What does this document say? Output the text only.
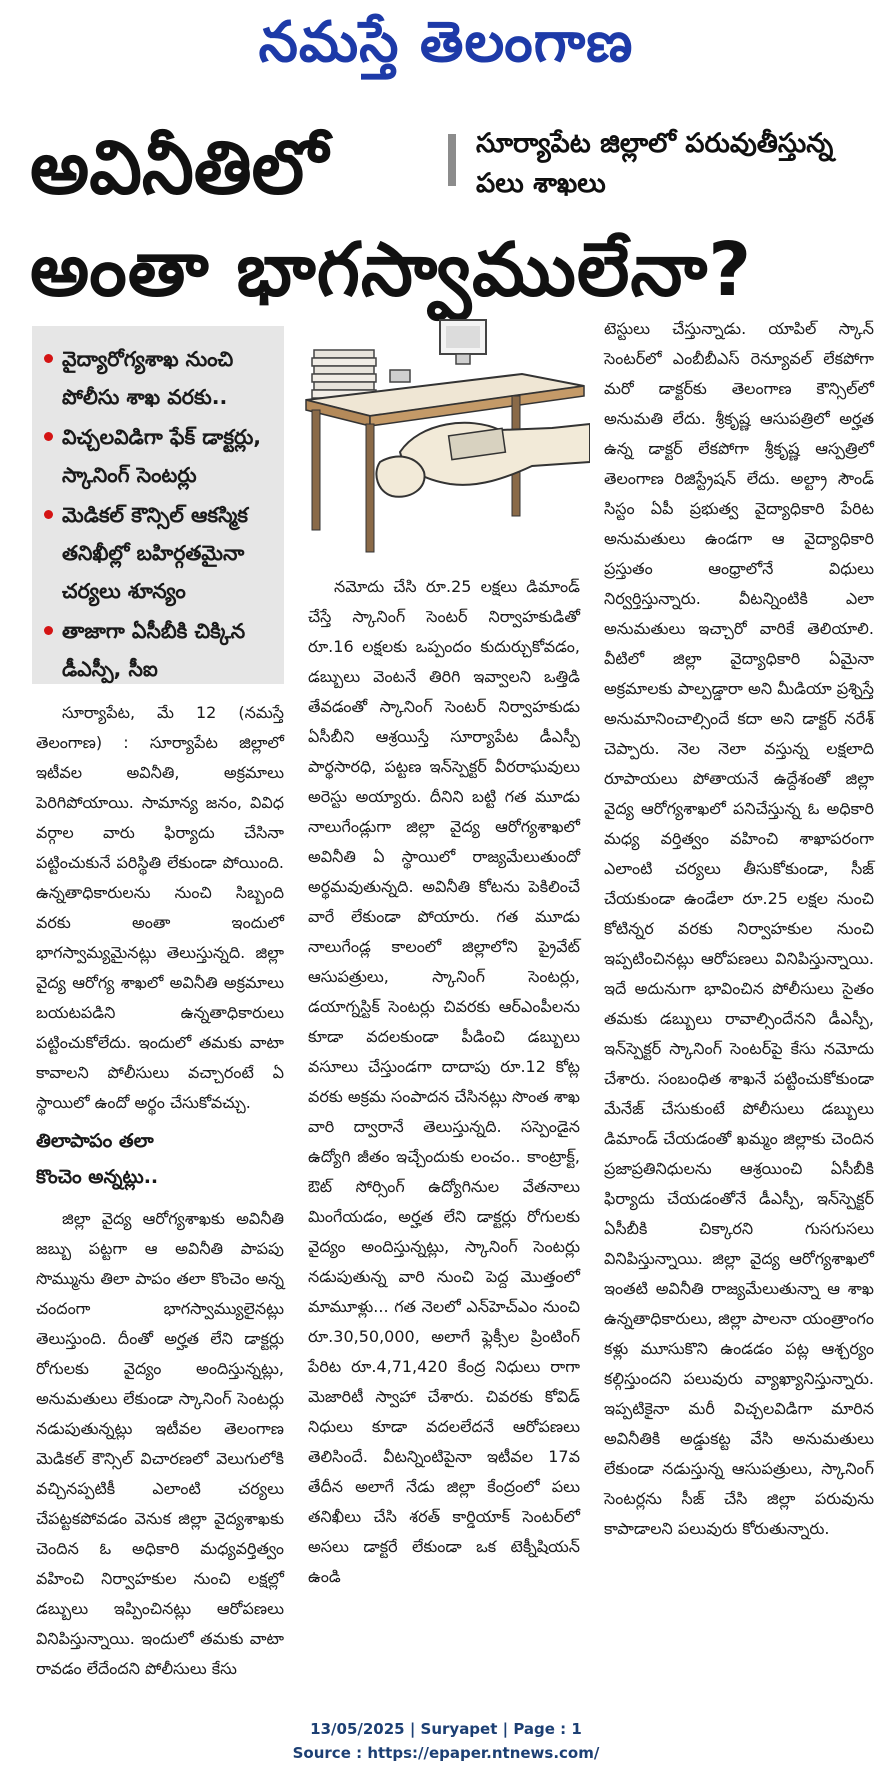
నమస్తే తెలంగాణ
అవినీతిలో
అంతా భాగస్వాములేనా?
సూర్యాపేట జిల్లాలో పరువుతీస్తున్న పలు శాఖలు
వైద్యారోగ్యశాఖ నుంచి పోలీసు శాఖ వరకు..
విచ్చలవిడిగా ఫేక్ డాక్టర్లు, స్కానింగ్ సెంటర్లు
మెడికల్ కౌన్సిల్ ఆకస్మిక తనిఖీల్లో బహిర్గతమైనా చర్యలు శూన్యం
తాజాగా ఏసీబీకి చిక్కిన డీఎస్పీ, సీఐ

సూర్యాపేట, మే 12 (నమస్తే తెలంగాణ) : సూర్యాపేట జిల్లాలో ఇటీవల అవినీతి, అక్రమాలు పెరిగిపోయాయి. సామాన్య జనం, వివిధ వర్గాల వారు ఫిర్యాదు చేసినా పట్టించుకునే పరిస్థితి లేకుండా పోయింది. ఉన్నతాధికారులను నుంచి సిబ్బంది వరకు అంతా ఇందులో భాగస్వామ్యమైనట్లు తెలుస్తున్నది. జిల్లా వైద్య ఆరోగ్య శాఖలో అవినీతి అక్రమాలు బయటపడిని ఉన్నతాధికారులు పట్టించుకోలేదు. ఇందులో తమకు వాటా కావాలని పోలీసులు వచ్చారంటే ఏ స్థాయిలో ఉందో అర్థం చేసుకోవచ్చు.

తిలాపాపం తలా
కొంచెం అన్నట్లు..

జిల్లా వైద్య ఆరోగ్యశాఖకు అవినీతి జబ్బు పట్టగా ఆ అవినీతి పాపపు సొమ్మును తిలా పాపం తలా కొంచెం అన్న చందంగా భాగస్వామ్యులైనట్లు తెలుస్తుంది. దీంతో అర్హత లేని డాక్టర్లు రోగులకు వైద్యం అందిస్తున్నట్లు, అనుమతులు లేకుండా స్కానింగ్ సెంటర్లు నడుపుతున్నట్లు ఇటీవల తెలంగాణ మెడికల్ కౌన్సిల్ విచారణలో వెలుగులోకి వచ్చినప్పటికీ ఎలాంటి చర్యలు చేపట్టకపోవడం వెనుక జిల్లా వైద్యశాఖకు చెందిన ఓ అధికారి మధ్యవర్తిత్వం వహించి నిర్వాహకుల నుంచి లక్షల్లో డబ్బులు ఇప్పించినట్లు ఆరోపణలు వినిపిస్తున్నాయి. ఇందులో తమకు వాటా రావడం లేదేందని పోలీసులు కేసు

నమోదు చేసి రూ.25 లక్షలు డిమాండ్ చేస్తే స్కానింగ్ సెంటర్ నిర్వాహకుడితో రూ.16 లక్షలకు ఒప్పందం కుదుర్చుకోవడం, డబ్బులు వెంటనే తిరిగి ఇవ్వాలని ఒత్తిడి తేవడంతో స్కానింగ్ సెంటర్ నిర్వాహకుడు ఏసీబీని ఆశ్రయిస్తే సూర్యాపేట డీఎస్పీ పార్థసారధి, పట్టణ ఇన్‌స్పెక్టర్ వీరరాఘవులు అరెస్టు అయ్యారు. దీనిని బట్టి గత మూడు నాలుగేండ్లుగా జిల్లా వైద్య ఆరోగ్యశాఖలో అవినీతి ఏ స్థాయిలో రాజ్యమేలుతుందో అర్థమవుతున్నది. అవినీతి కోటను పెకిలించే వారే లేకుండా పోయారు. గత మూడు నాలుగేండ్ల కాలంలో జిల్లాలోని ప్రైవేట్ ఆసుపత్రులు, స్కానింగ్ సెంటర్లు, డయాగ్నస్టిక్ సెంటర్లు చివరకు ఆర్‌ఎంపీలను కూడా వదలకుండా పీడించి డబ్బులు వసూలు చేస్తుండగా దాదాపు రూ.12 కోట్ల వరకు అక్రమ సంపాదన చేసినట్లు సొంత శాఖ వారి ద్వారానే తెలుస్తున్నది. సస్పెండైన ఉద్యోగి జీతం ఇచ్చేందుకు లంచం.. కాంట్రాక్ట్, ఔట్ సోర్సింగ్ ఉద్యోగినుల వేతనాలు మింగేయడం, అర్హత లేని డాక్టర్లు రోగులకు వైద్యం అందిస్తున్నట్లు, స్కానింగ్ సెంటర్లు నడుపుతున్న వారి నుంచి పెద్ద మొత్తంలో మామూళ్లు... గత నెలలో ఎన్‌హెచ్‌ఎం నుంచి రూ.30,50,000, అలాగే ఫ్లెక్సీల ప్రింటింగ్ పేరిట రూ.4,71,420 కేంద్ర నిధులు రాగా మెజారిటీ స్వాహా చేశారు. చివరకు కోవిడ్ నిధులు కూడా వదలలేదనే ఆరోపణలు తెలిసిందే. వీటన్నింటిపైనా ఇటీవల 17వ తేదీన అలాగే నేడు జిల్లా కేంద్రంలో పలు తనిఖీలు చేసి శరత్ కార్డియాక్ సెంటర్‌లో అసలు డాక్టరే లేకుండా ఒక టెక్నీషియన్ ఉండి

టెస్టులు చేస్తున్నాడు. యాపిల్ స్కాన్ సెంటర్‌లో ఎంబీబీఎస్ రెన్యూవల్ లేకపోగా మరో డాక్టర్‌కు తెలంగాణ కౌన్సిల్‌లో అనుమతి లేదు. శ్రీకృష్ణ ఆసుపత్రిలో అర్హత ఉన్న డాక్టర్ లేకపోగా శ్రీకృష్ణ ఆస్పత్రిలో తెలంగాణ రిజిస్ట్రేషన్ లేదు. అల్ట్రా సౌండ్ సిస్టం ఏపీ ప్రభుత్వ వైద్యాధికారి పేరిట అనుమతులు ఉండగా ఆ వైద్యాధికారి ప్రస్తుతం ఆంధ్రాలోనే విధులు నిర్వర్తిస్తున్నారు. వీటన్నింటికి ఎలా అనుమతులు ఇచ్చారో వారికే తెలియాలి. వీటిలో జిల్లా వైద్యాధికారి ఏమైనా అక్రమాలకు పాల్పడ్డారా అని మీడియా ప్రశ్నిస్తే అనుమానించాల్సిందే కదా అని డాక్టర్ నరేశ్ చెప్పారు. నెల నెలా వస్తున్న లక్షలాది రూపాయలు పోతాయనే ఉద్దేశంతో జిల్లా వైద్య ఆరోగ్యశాఖలో పనిచేస్తున్న ఓ అధికారి మధ్య వర్తిత్వం వహించి శాఖాపరంగా ఎలాంటి చర్యలు తీసుకోకుండా, సీజ్ చేయకుండా ఉండేలా రూ.25 లక్షల నుంచి కోటిన్నర వరకు నిర్వాహకుల నుంచి ఇప్పటించినట్లు ఆరోపణలు వినిపిస్తున్నాయి. ఇదే అదునుగా భావించిన పోలీసులు సైతం తమకు డబ్బులు రావాల్సిందేనని డీఎస్పీ, ఇన్‌స్పెక్టర్ స్కానింగ్ సెంటర్‌పై కేసు నమోదు చేశారు. సంబంధిత శాఖనే పట్టించుకోకుండా మేనేజ్ చేసుకుంటే పోలీసులు డబ్బులు డిమాండ్ చేయడంతో ఖమ్మం జిల్లాకు చెందిన ప్రజాప్రతినిధులను ఆశ్రయించి ఏసీబీకి ఫిర్యాదు చేయడంతోనే డీఎస్పీ, ఇన్‌స్పెక్టర్ ఏసీబీకి చిక్కారని గుసగుసలు వినిపిస్తున్నాయి. జిల్లా వైద్య ఆరోగ్యశాఖలో ఇంతటి అవినీతి రాజ్యమేలుతున్నా ఆ శాఖ ఉన్నతాధికారులు, జిల్లా పాలనా యంత్రాంగం కళ్లు మూసుకొని ఉండడం పట్ల ఆశ్చర్యం కల్గిస్తుందని పలువురు వ్యాఖ్యానిస్తున్నారు. ఇప్పటికైనా మరీ విచ్చలవిడిగా మారిన అవినీతికి అడ్డుకట్ట వేసి అనుమతులు లేకుండా నడుస్తున్న ఆసుపత్రులు, స్కానింగ్ సెంటర్లను సీజ్ చేసి జిల్లా పరువును కాపాడాలని పలువురు కోరుతున్నారు.

13/05/2025 | Suryapet | Page : 1
Source : https://epaper.ntnews.com/
